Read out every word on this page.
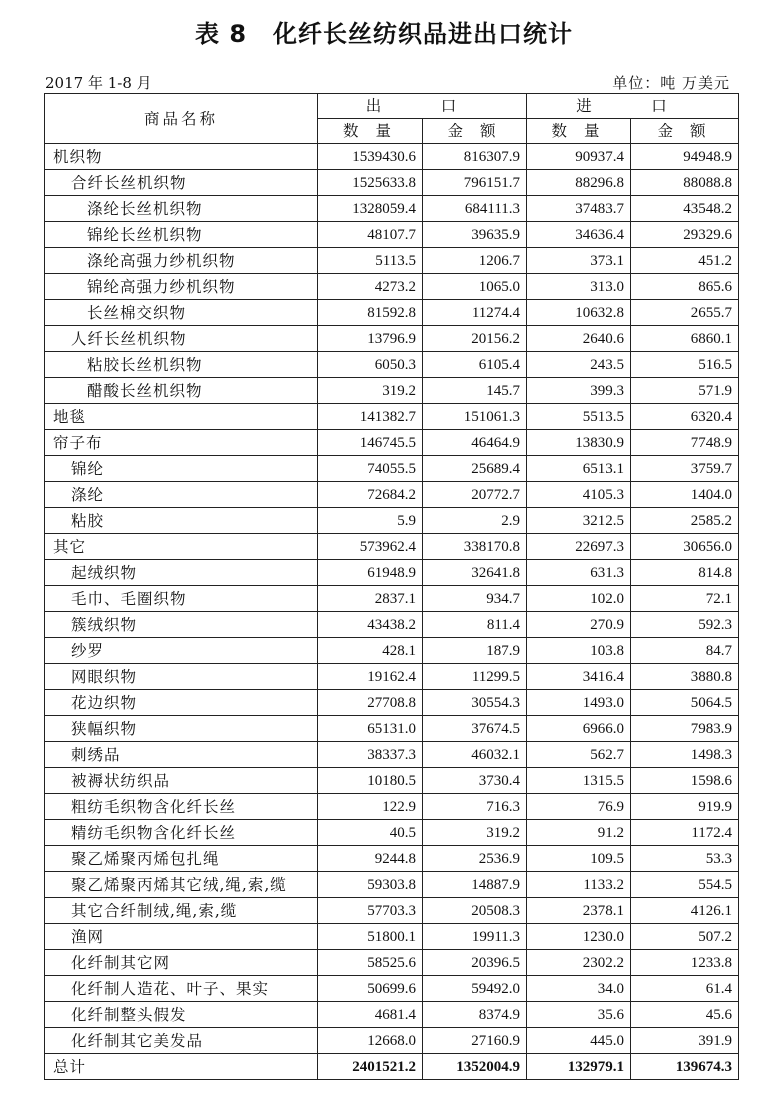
表 8 化纤长丝纺织品进出口统计
2017 年 1-8 月	单位：吨 万美元
商品名称	出　口		进　口	
	数 量	金 额	数 量	金 额
机织物	1539430.6	816307.9	90937.4	94948.9
合纤长丝机织物	1525633.8	796151.7	88296.8	88088.8
涤纶长丝机织物	1328059.4	684111.3	37483.7	43548.2
锦纶长丝机织物	48107.7	39635.9	34636.4	29329.6
涤纶高强力纱机织物	5113.5	1206.7	373.1	451.2
锦纶高强力纱机织物	4273.2	1065.0	313.0	865.6
长丝棉交织物	81592.8	11274.4	10632.8	2655.7
人纤长丝机织物	13796.9	20156.2	2640.6	6860.1
粘胶长丝机织物	6050.3	6105.4	243.5	516.5
醋酸长丝机织物	319.2	145.7	399.3	571.9
地毯	141382.7	151061.3	5513.5	6320.4
帘子布	146745.5	46464.9	13830.9	7748.9
锦纶	74055.5	25689.4	6513.1	3759.7
涤纶	72684.2	20772.7	4105.3	1404.0
粘胶	5.9	2.9	3212.5	2585.2
其它	573962.4	338170.8	22697.3	30656.0
起绒织物	61948.9	32641.8	631.3	814.8
毛巾、毛圈织物	2837.1	934.7	102.0	72.1
簇绒织物	43438.2	811.4	270.9	592.3
纱罗	428.1	187.9	103.8	84.7
网眼织物	19162.4	11299.5	3416.4	3880.8
花边织物	27708.8	30554.3	1493.0	5064.5
狭幅织物	65131.0	37674.5	6966.0	7983.9
刺绣品	38337.3	46032.1	562.7	1498.3
被褥状纺织品	10180.5	3730.4	1315.5	1598.6
粗纺毛织物含化纤长丝	122.9	716.3	76.9	919.9
精纺毛织物含化纤长丝	40.5	319.2	91.2	1172.4
聚乙烯聚丙烯包扎绳	9244.8	2536.9	109.5	53.3
聚乙烯聚丙烯其它绒,绳,索,缆	59303.8	14887.9	1133.2	554.5
其它合纤制绒,绳,索,缆	57703.3	20508.3	2378.1	4126.1
渔网	51800.1	19911.3	1230.0	507.2
化纤制其它网	58525.6	20396.5	2302.2	1233.8
化纤制人造花、叶子、果实	50699.6	59492.0	34.0	61.4
化纤制整头假发	4681.4	8374.9	35.6	45.6
化纤制其它美发品	12668.0	27160.9	445.0	391.9
总计	2401521.2	1352004.9	132979.1	139674.3
